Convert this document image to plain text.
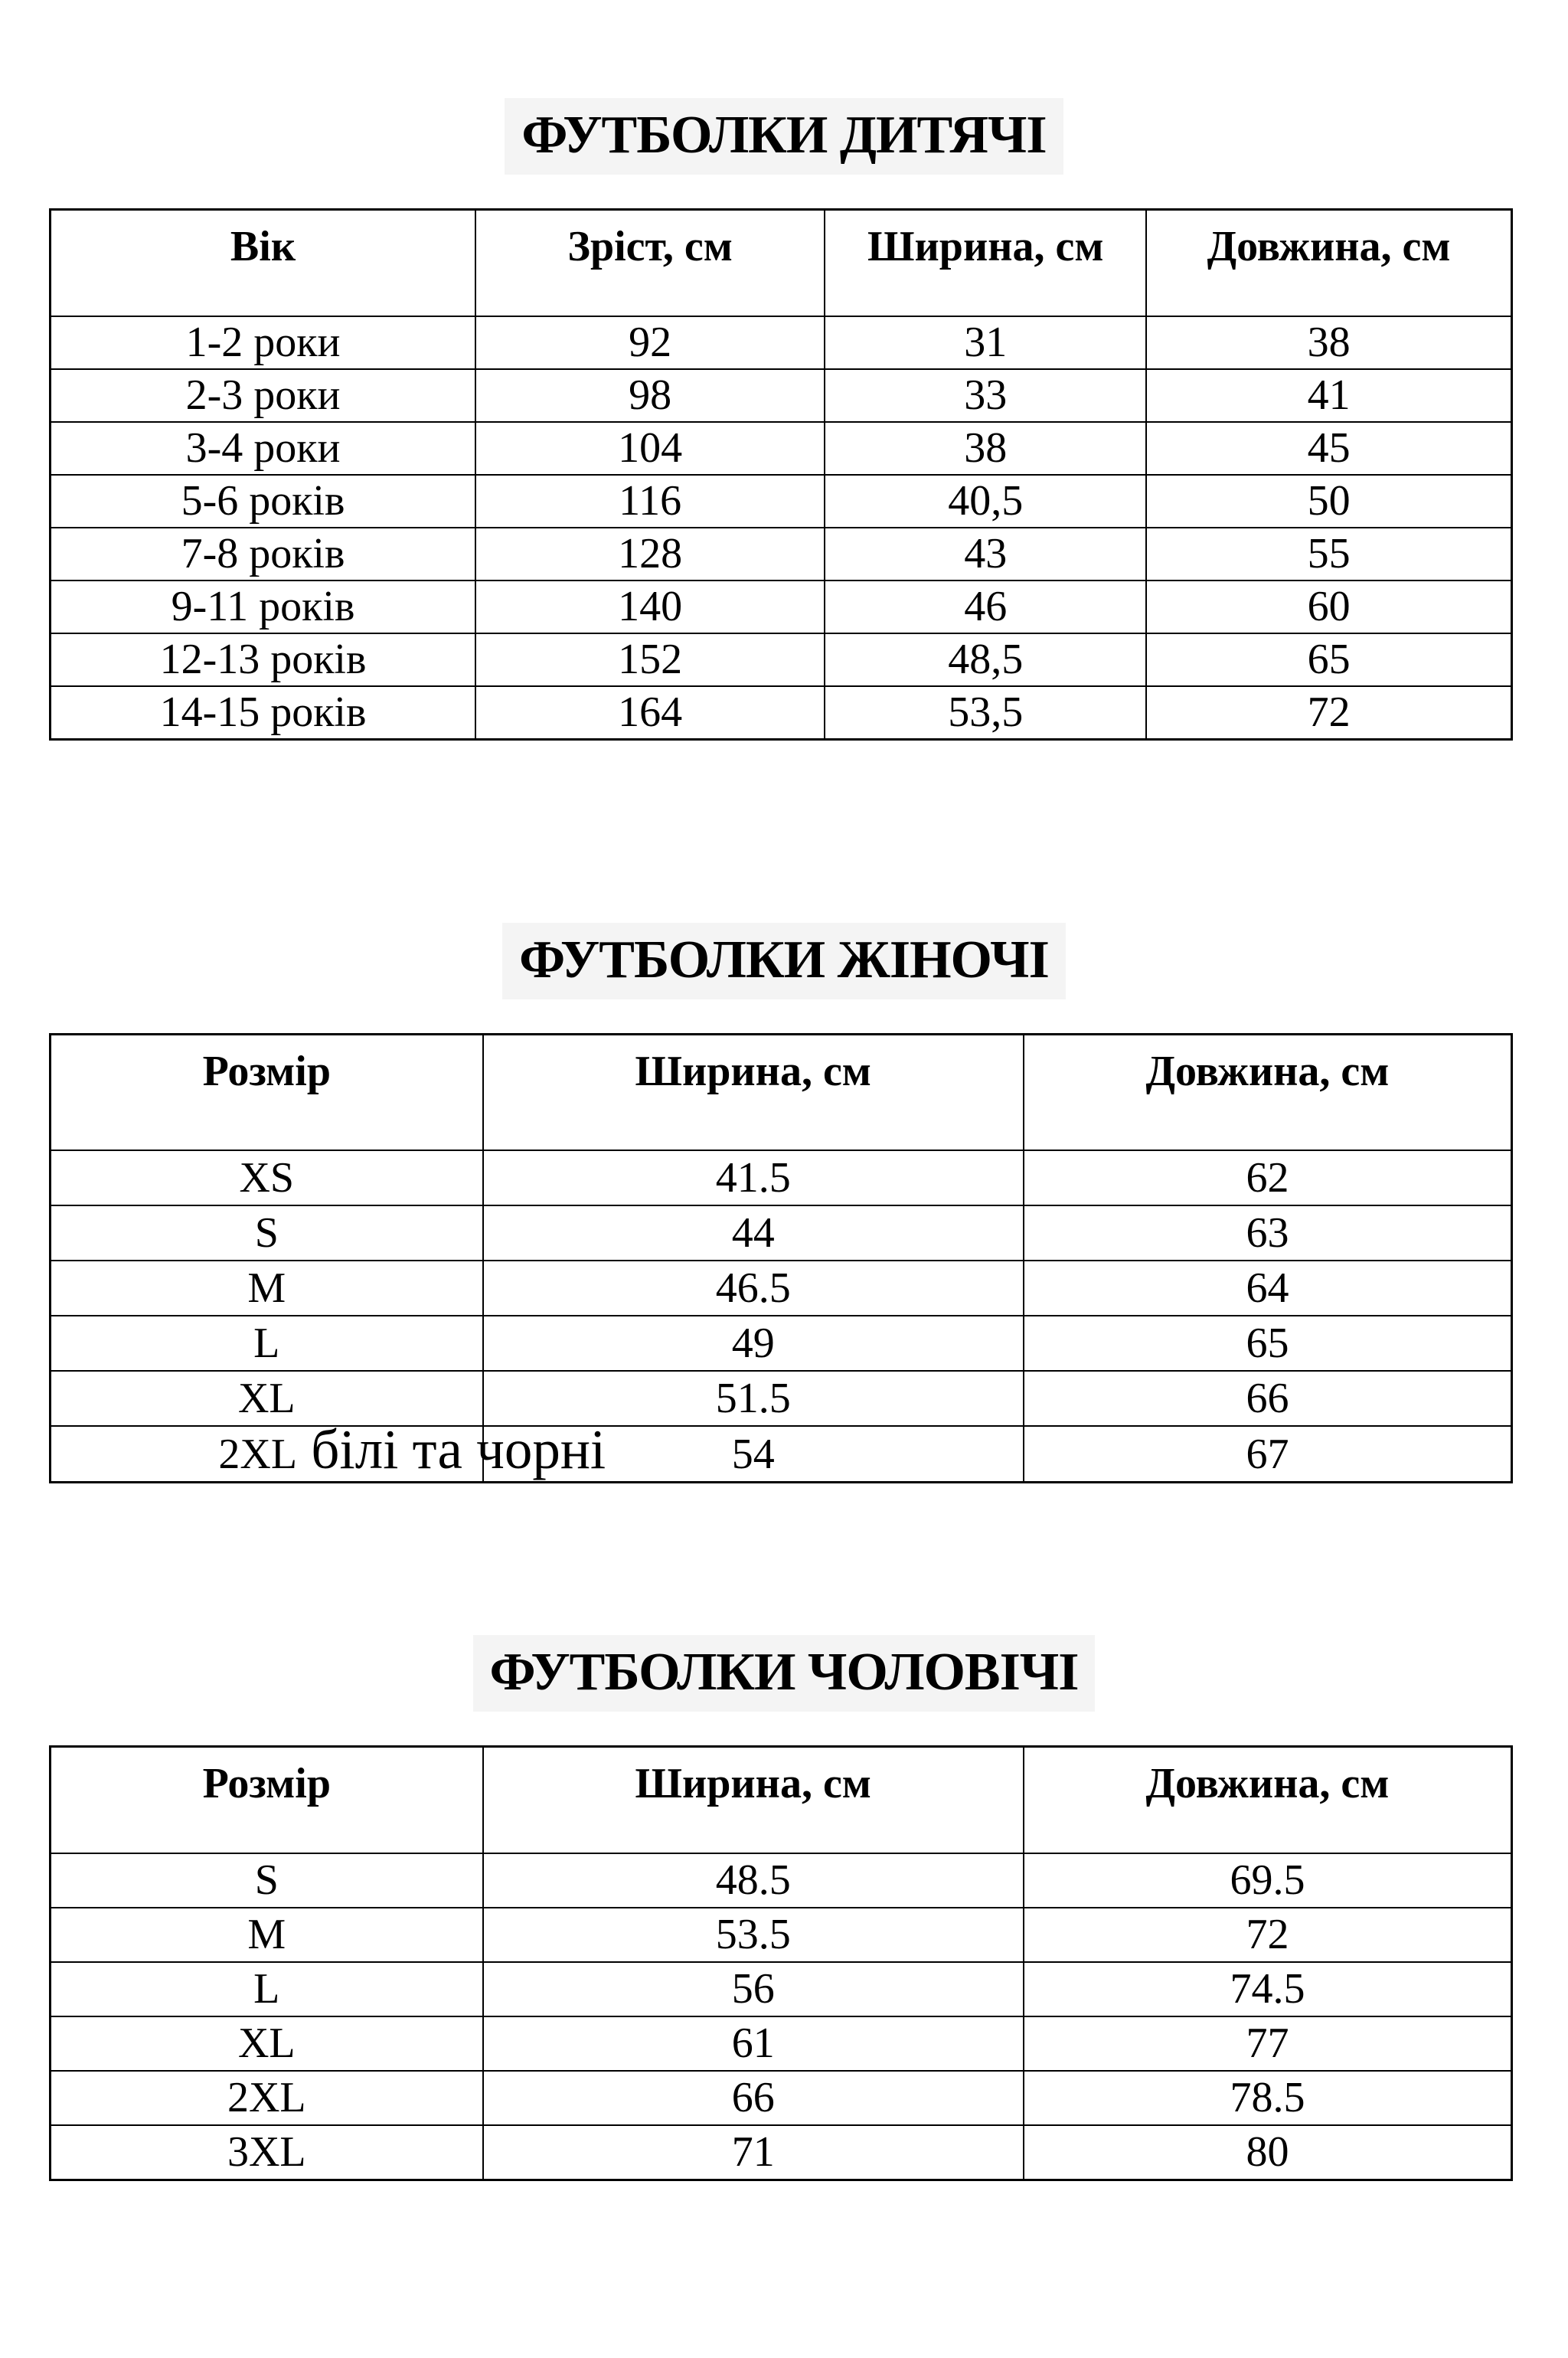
ФУТБОЛКИ ДИТЯЧІ
Вік	Зріст, см	Ширина, см	Довжина, см
1-2 роки	92	31	38
2-3 роки	98	33	41
3-4 роки	104	38	45
5-6 років	116	40,5	50
7-8 років	128	43	55
9-11 років	140	46	60
12-13 років	152	48,5	65
14-15 років	164	53,5	72
ФУТБОЛКИ ЖІНОЧІ
Розмір	Ширина, см	Довжина, см
XS	41.5	62
S	44	63
M	46.5	64
L	49	65
XL	51.5	66
2XL білі та чорні	54	67
ФУТБОЛКИ ЧОЛОВІЧІ
Розмір	Ширина, см	Довжина, см
S	48.5	69.5
M	53.5	72
L	56	74.5
XL	61	77
2XL	66	78.5
3XL	71	80
